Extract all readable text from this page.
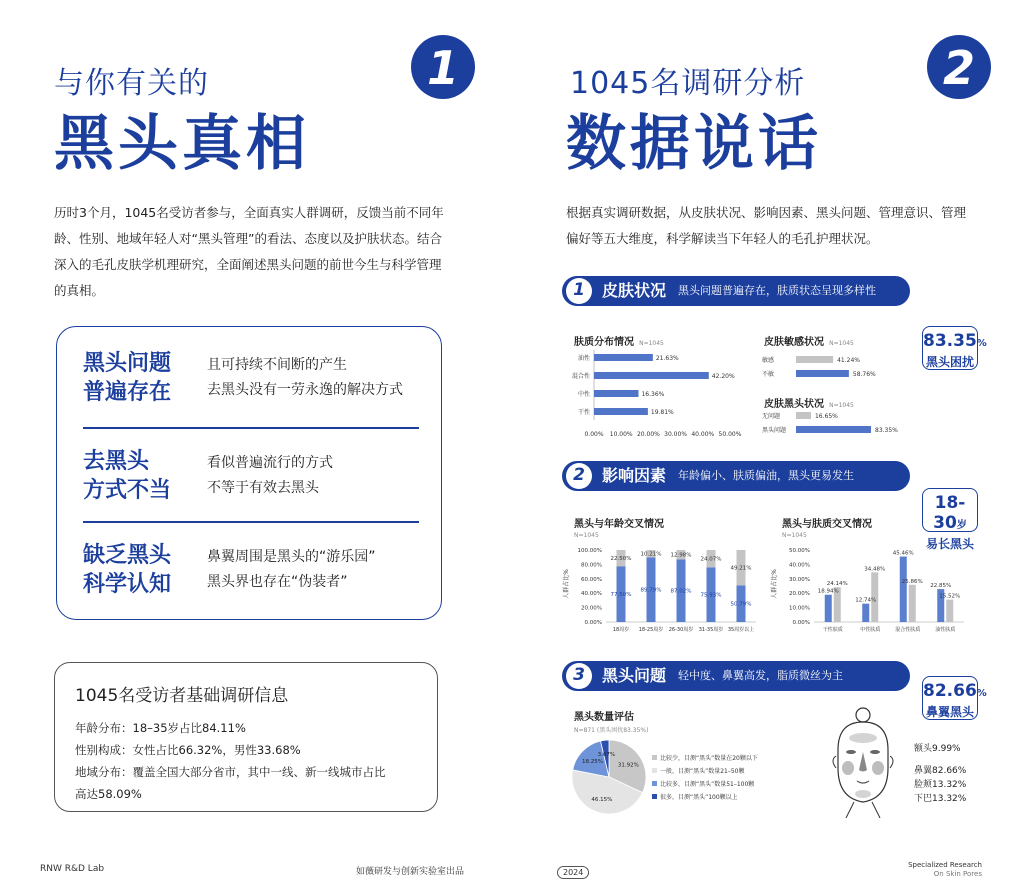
与你有关的
黑头真相
1
历时3个月，1045名受访者参与，全面真实人群调研，反馈当前不同年龄、性别、地域年轻人对“黑头管理”的看法、态度以及护肤状态。结合深入的毛孔皮肤学机理研究，全面阐述黑头问题的前世今生与科学管理的真相。
黑头问题
普遍存在
且可持续不间断的产生
去黑头没有一劳永逸的解决方式
去黑头
方式不当
看似普遍流行的方式
不等于有效去黑头
缺乏黑头
科学认知
鼻翼周围是黑头的“游乐园”
黑头界也存在“伪装者”
1045名受访者基础调研信息
年龄分布：18–35岁占比84.11%
性别构成：女性占比66.32%，男性33.68%
地域分布：覆盖全国大部分省市，其中一线、新一线城市占比
高达58.09%
RNW R&D Lab	如薇研发与创新实验室出品
1045名调研分析
数据说话
2
根据真实调研数据，从皮肤状况、影响因素、黑头问题、管理意识、管理
偏好等五大维度，科学解读当下年轻人的毛孔护理状况。
1	皮肤状况 黑头问题普遍存在，肤质状态呈现多样性
83.35%
黑头困扰
2	影响因素 年龄偏小、肤质偏油，黑头更易发生
18-30岁
易长黑头
3	黑头问题 轻中度、鼻翼高发，脂质微丝为主
82.66%
鼻翼黑头
肤质分布情况 N=1045
油性	21.63%
混合性	42.20%
中性	16.36%
干性	19.81%
0.00% 10.00% 20.00% 30.00% 40.00% 50.00%
皮肤敏感状况 N=1045
敏感	41.24%
不敏	58.76%
皮肤黑头状况 N=1045
无问题	16.65%
黑头问题	83.35%
黑头与年龄交叉情况
N=1045
人群占比%
0.00%
20.00%
40.00%
60.00%
80.00%
100.00%
77.50%
22.50%
18周岁
89.79%
10.21%
18-25周岁
87.02%
12.98%
26-30周岁
75.93%
24.07%
31-35周岁
50.79%
49.21%
35周岁以上
黑头与肤质交叉情况
N=1045
人群占比%
0.00%
10.00%
20.00%
30.00%
40.00%
50.00%
18.94%
24.14%
干性肤质
12.74%
34.48%
中性肤质
45.46%
25.86%
混合性肤质
22.85%
15.52%
油性肤质
黑头数量评估
N=871 (黑头困扰83.35%)
31.92%
46.15%
18.25%
3.67%	比较少，目测“黑头”数量在20颗以下
一般，目测“黑头”数量21–50颗
比较多，目测“黑头”数量51–100颗
很多，目测“黑头”100颗以上
额头9.99%
鼻翼82.66%
脸颊13.32%
下巴13.32%
2024
Specialized Research
On Skin Pores
